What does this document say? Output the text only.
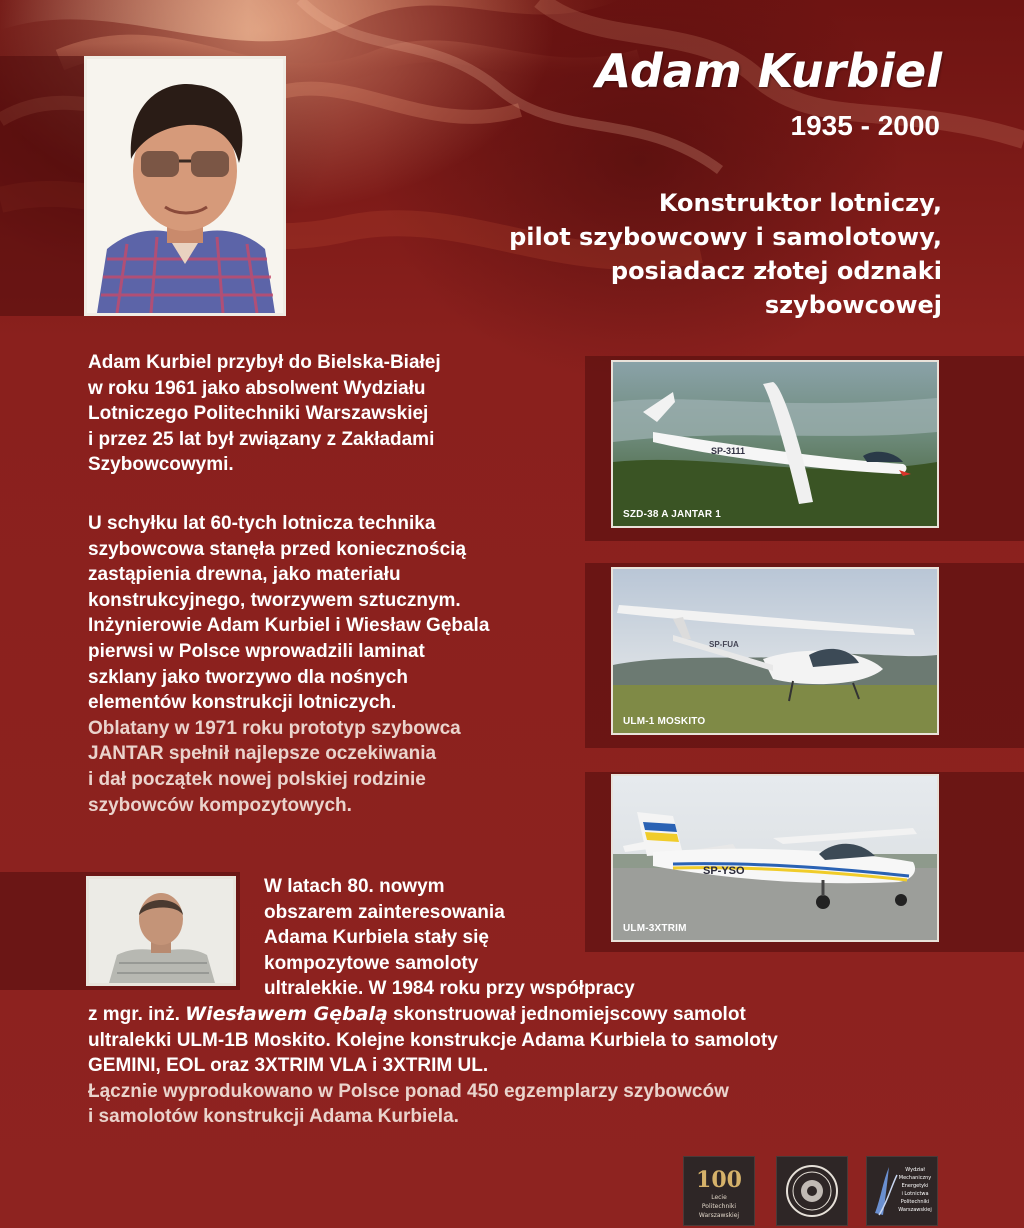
Adam Kurbiel
1935 - 2000
Konstruktor lotniczy,
pilot szybowcowy i samolotowy,
posiadacz złotej odznaki
szybowcowej
Adam Kurbiel przybył do Bielska-Białej
w roku 1961 jako absolwent Wydziału
Lotniczego Politechniki Warszawskiej
i przez 25 lat był związany z Zakładami
Szybowcowymi.
U schyłku lat 60-tych lotnicza technika
szybowcowa stanęła przed koniecznością
zastąpienia drewna, jako materiału
konstrukcyjnego, tworzywem sztucznym.
Inżynierowie Adam Kurbiel i Wiesław Gębala
pierwsi w Polsce wprowadzili laminat
szklany jako tworzywo dla nośnych
elementów konstrukcji lotniczych.
Oblatany w 1971 roku prototyp szybowca
JANTAR spełnił najlepsze oczekiwania
i dał początek nowej polskiej rodzinie
szybowców kompozytowych.
SP-3111
SZD-38 A JANTAR 1
SP-FUA
ULM-1 MOSKITO
SP-YSO
ULM-3XTRIM
W latach 80. nowym
obszarem zainteresowania
Adama Kurbiela stały się
kompozytowe samoloty
ultralekkie. W 1984 roku przy współpracy
z mgr. inż. Wiesławem Gębalą skonstruował jednomiejscowy samolot
ultralekki ULM-1B Moskito. Kolejne konstrukcje Adama Kurbiela to samoloty
GEMINI, EOL oraz 3XTRIM VLA i 3XTRIM UL.
Łącznie wyprodukowano w Polsce ponad 450 egzemplarzy szybowców
i samolotów konstrukcji Adama Kurbiela.
100
Lecie
Politechniki
Warszawskiej
Wydział
Mechaniczny
Energetyki
i Lotnictwa
Politechniki
Warszawskiej
